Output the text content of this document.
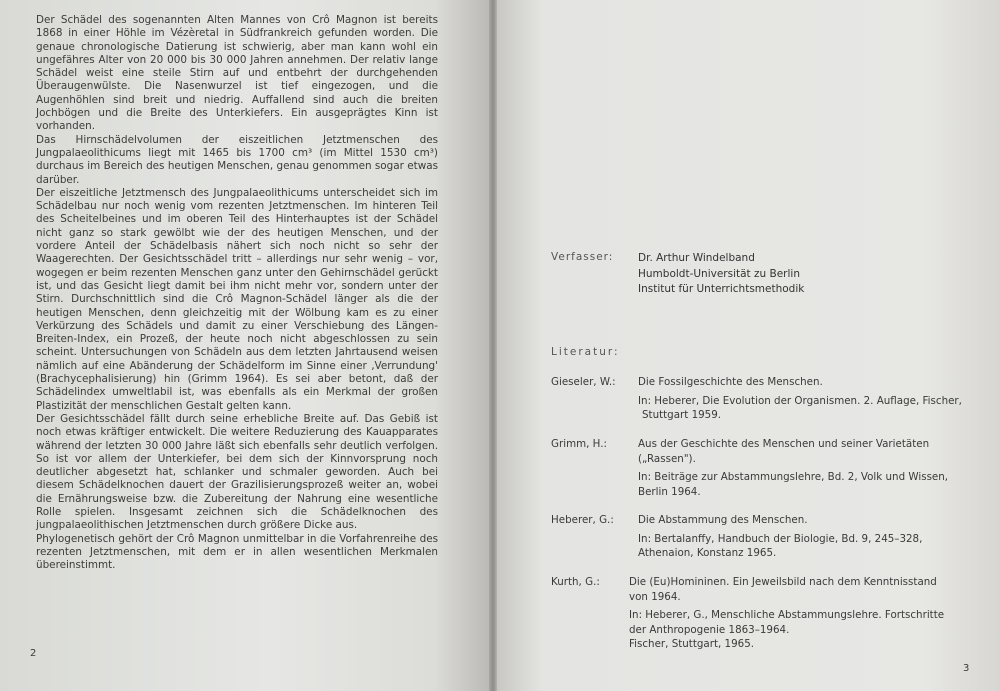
Der Schädel des sogenannten Alten Mannes von Crô Magnon ist bereits 1868 in einer Höhle im Vézèretal in Südfrankreich gefunden worden. Die genaue chronologische Datierung ist schwierig, aber man kann wohl ein ungefähres Alter von 20 000 bis 30 000 Jahren annehmen. Der relativ lange Schädel weist eine steile Stirn auf und entbehrt der durchgehenden Überaugenwülste. Die Nasenwurzel ist tief eingezogen, und die Augenhöhlen sind breit und niedrig. Auffallend sind auch die breiten Jochbögen und die Breite des Unterkiefers. Ein ausgeprägtes Kinn ist vorhanden.

Das Hirnschädelvolumen der eiszeitlichen Jetztmenschen des Jungpalaeolithicums liegt mit 1465 bis 1700 cm³ (im Mittel 1530 cm³) durchaus im Bereich des heutigen Menschen, genau genommen sogar etwas darüber.

Der eiszeitliche Jetztmensch des Jungpalaeolithicums unterscheidet sich im Schädelbau nur noch wenig vom rezenten Jetztmenschen. Im hinteren Teil des Scheitelbeines und im oberen Teil des Hinterhauptes ist der Schädel nicht ganz so stark gewölbt wie der des heutigen Menschen, und der vordere Anteil der Schädelbasis nähert sich noch nicht so sehr der Waagerechten. Der Gesichtsschädel tritt – allerdings nur sehr wenig – vor, wogegen er beim rezenten Menschen ganz unter den Gehirnschädel gerückt ist, und das Gesicht liegt damit bei ihm nicht mehr vor, sondern unter der Stirn. Durchschnittlich sind die Crô Magnon-Schädel länger als die der heutigen Menschen, denn gleichzeitig mit der Wölbung kam es zu einer Verkürzung des Schädels und damit zu einer Verschiebung des Längen-Breiten-Index, ein Prozeß, der heute noch nicht abgeschlossen zu sein scheint. Untersuchungen von Schädeln aus dem letzten Jahrtausend weisen nämlich auf eine Abänderung der Schädelform im Sinne einer ‚Verrundung' (Brachycephalisierung) hin (Grimm 1964). Es sei aber betont, daß der Schädelindex umweltlabil ist, was ebenfalls als ein Merkmal der großen Plastizität der menschlichen Gestalt gelten kann.

Der Gesichtsschädel fällt durch seine erhebliche Breite auf. Das Gebiß ist noch etwas kräftiger entwickelt. Die weitere Reduzierung des Kauapparates während der letzten 30 000 Jahre läßt sich ebenfalls sehr deutlich verfolgen. So ist vor allem der Unterkiefer, bei dem sich der Kinnvorsprung noch deutlicher abgesetzt hat, schlanker und schmaler geworden. Auch bei diesem Schädelknochen dauert der Grazilisierungsprozeß weiter an, wobei die Ernährungsweise bzw. die Zubereitung der Nahrung eine wesentliche Rolle spielen. Insgesamt zeichnen sich die Schädelknochen des jungpalaeolithischen Jetztmenschen durch größere Dicke aus.

Phylogenetisch gehört der Crô Magnon unmittelbar in die Vorfahrenreihe des rezenten Jetztmenschen, mit dem er in allen wesentlichen Merkmalen übereinstimmt.

2
Verfasser: Dr. Arthur Windelband
Humboldt-Universität zu Berlin
Institut für Unterrichtsmethodik
Literatur:
Gieseler, W.:	Die Fossilgeschichte des Menschen.
In: Heberer, Die Evolution der Organismen. 2. Auflage, Fischer,
Stuttgart 1959.
Grimm, H.:	Aus der Geschichte des Menschen und seiner Varietäten
(„Rassen").
In: Beiträge zur Abstammungslehre, Bd. 2, Volk und Wissen,
Berlin 1964.
Heberer, G.:	Die Abstammung des Menschen.
In: Bertalanffy, Handbuch der Biologie, Bd. 9, 245–328,
Athenaion, Konstanz 1965.
Kurth, G.:	Die (Eu)Homininen. Ein Jeweilsbild nach dem Kenntnisstand
von 1964.
In: Heberer, G., Menschliche Abstammungslehre. Fortschritte
der Anthropogenie 1863–1964.
Fischer, Stuttgart, 1965.
3
